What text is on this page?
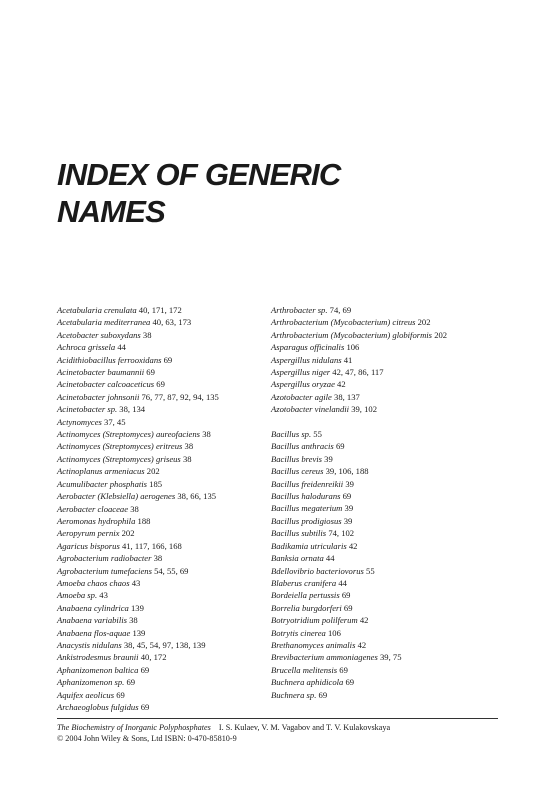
INDEX OF GENERIC
NAMES
Acetabularia crenulata 40, 171, 172
Acetabularia mediterranea 40, 63, 173
Acetobacter suboxydans 38
Achroca grissela 44
Acidithiobacillus ferrooxidans 69
Acinetobacter baumannii 69
Acinetobacter calcoaceticus 69
Acinetobacter johnsonii 76, 77, 87, 92, 94, 135
Acinetobacter sp. 38, 134
Actynomyces 37, 45
Actinomyces (Streptomyces) aureofaciens 38
Actinomyces (Streptomyces) eritreus 38
Actinomyces (Streptomyces) griseus 38
Actinoplanus armeniacus 202
Acumulibacter phosphatis 185
Aerobacter (Klebsiella) aerogenes 38, 66, 135
Aerobacter cloaceae 38
Aeromonas hydrophila 188
Aeropyrum pernix 202
Agaricus bisporus 41, 117, 166, 168
Agrobacterium radiobacter 38
Agrobacterium tumefaciens 54, 55, 69
Amoeba chaos chaos 43
Amoeba sp. 43
Anabaena cylindrica 139
Anabaena variabilis 38
Anabaena flos-aquae 139
Anacystis nidulans 38, 45, 54, 97, 138, 139
Ankistrodesmus braunii 40, 172
Aphanizomenon baltica 69
Aphanizomenon sp. 69
Aquifex aeolicus 69
Archaeoglobus fulgidus 69
Arthrobacter sp. 74, 69
Arthrobacterium (Mycobacterium) citreus 202
Arthrobacterium (Mycobacterium) globiformis 202
Asparagus officinalis 106
Aspergillus nidulans 41
Aspergillus niger 42, 47, 86, 117
Aspergillus oryzae 42
Azotobacter agile 38, 137
Azotobacter vinelandii 39, 102
Bacillus sp. 55
Bacillus anthracis 69
Bacillus brevis 39
Bacillus cereus 39, 106, 188
Bacillus freidenreikii 39
Bacillus halodurans 69
Bacillus megaterium 39
Bacillus prodigiosus 39
Bacillus subtilis 74, 102
Badikamia utricularis 42
Banksia ornata 44
Bdellovibrio bacteriovorus 55
Blaberus cranifera 44
Bordeiella pertussis 69
Borrelia burgdorferi 69
Botryotridium polilferum 42
Botrytis cinerea 106
Brethanomyces animalis 42
Brevibacterium ammoniagenes 39, 75
Brucella melitensis 69
Buchnera aphidicola 69
Buchnera sp. 69
The Biochemistry of Inorganic Polyphosphates I. S. Kulaev, V. M. Vagabov and T. V. Kulakovskaya
© 2004 John Wiley & Sons, Ltd ISBN: 0-470-85810-9
